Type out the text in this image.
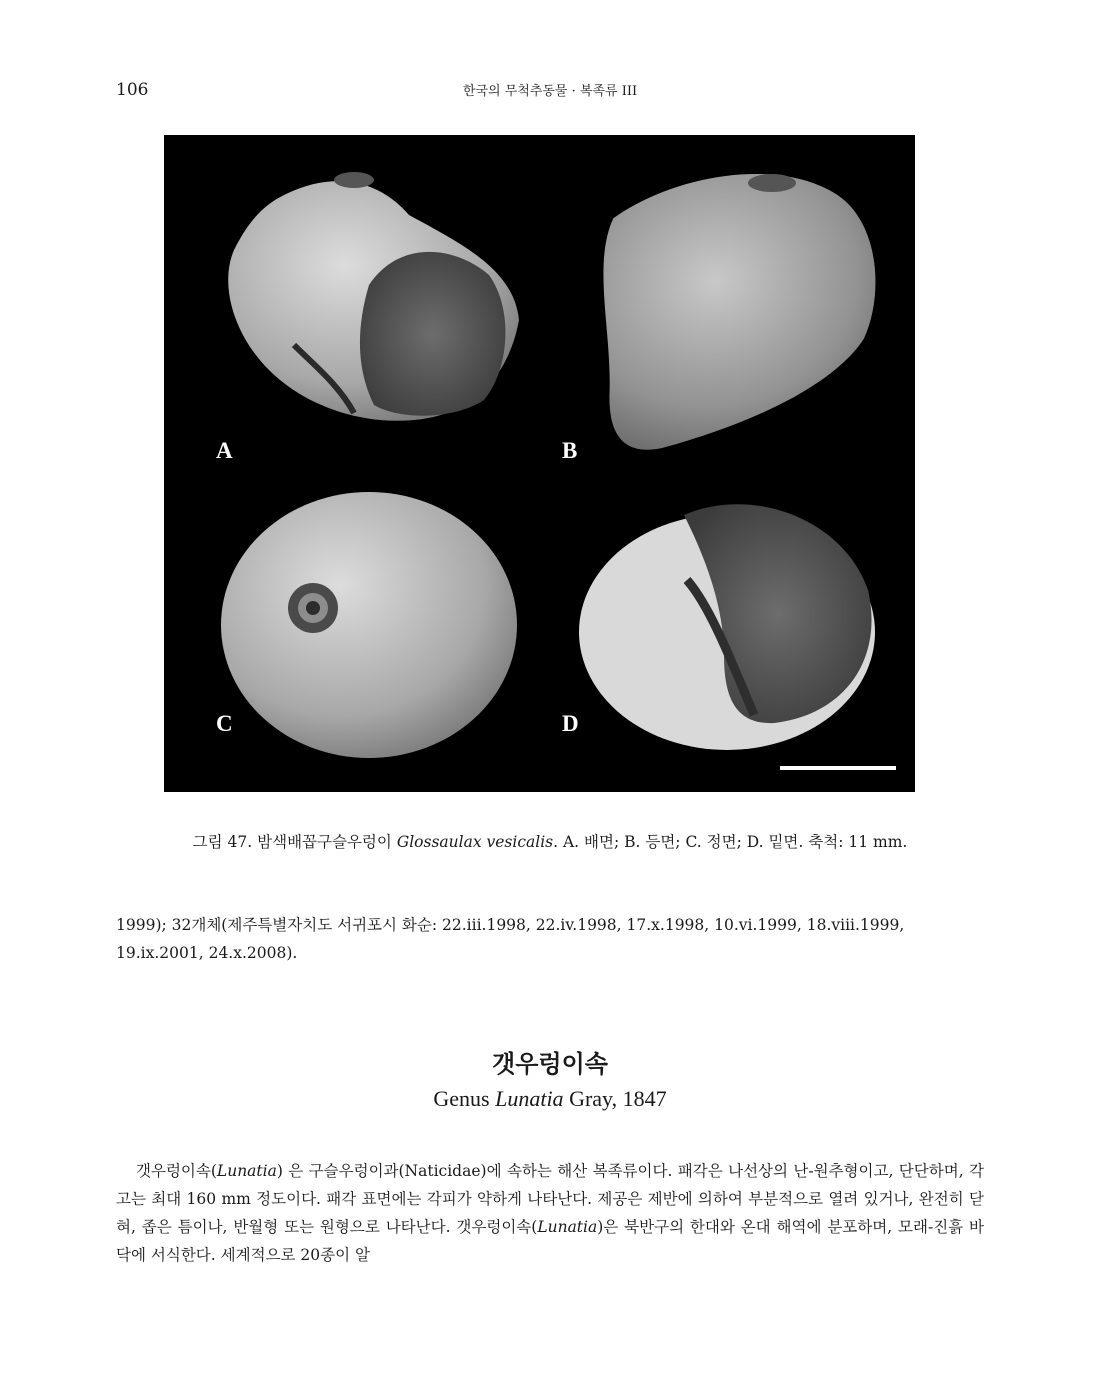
106	한국의 무척추동물 · 복족류 III
A	B
C	D
그림 47. 밤색배꼽구슬우렁이 Glossaulax vesicalis. A. 배면; B. 등면; C. 정면; D. 밑면. 축척: 11 mm.
1999); 32개체(제주특별자치도 서귀포시 화순: 22.iii.1998, 22.iv.1998, 17.x.1998, 10.vi.1999, 18.viii.1999,
19.ix.2001, 24.x.2008).
갯우렁이속
Genus Lunatia Gray, 1847
갯우렁이속(Lunatia) 은 구슬우렁이과(Naticidae)에 속하는 해산 복족류이다. 패각은 나선상의 난-원추형이고, 단단하며, 각고는 최대 160 mm 정도이다. 패각 표면에는 각피가 약하게 나타난다. 제공은 제반에 의하여 부분적으로 열려 있거나, 완전히 닫혀, 좁은 틈이나, 반월형 또는 원형으로 나타난다. 갯우렁이속(Lunatia)은 북반구의 한대와 온대 해역에 분포하며, 모래-진흙 바닥에 서식한다. 세계적으로 20종이 알
